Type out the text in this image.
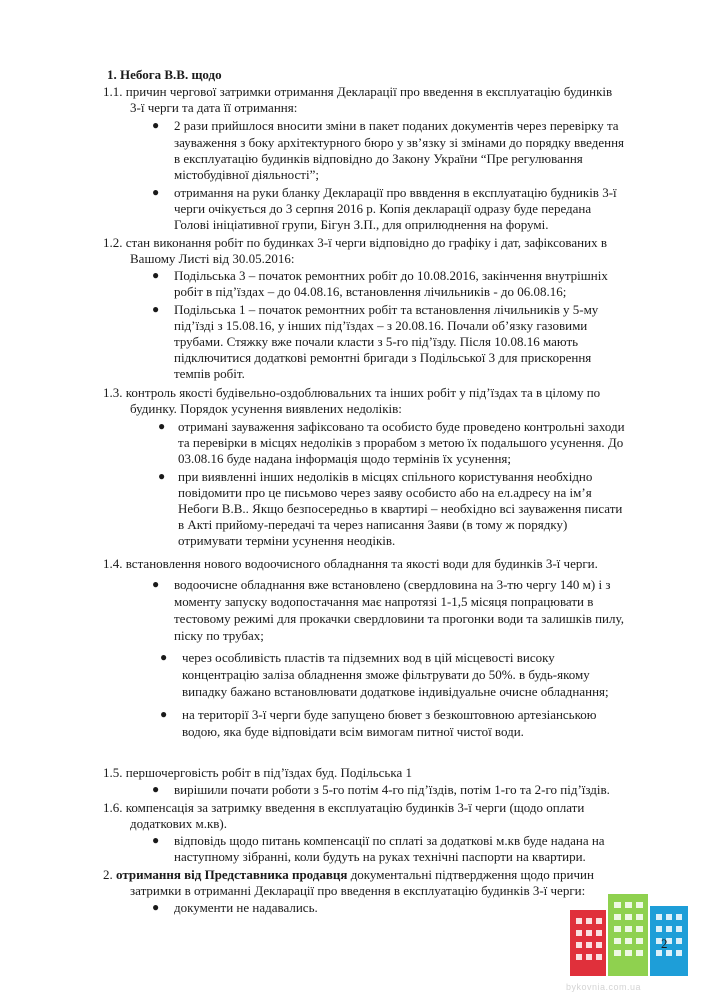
1. Небога В.В. щодо
1.1. причин чергової затримки отримання Декларації про введення в експлуатацію будинків
3-ї черги та дата її отримання:
● 2 рази прийшлося вносити зміни в пакет поданих документів через перевірку та
зауваження з боку архітектурного бюро у зв’язку зі змінами до порядку введення
в експлуатацію будинків відповідно до Закону України “Пре регулювання
містобудівної діяльності”;
● отримання на руки бланку Декларації про вввдення в експлуатацію будників 3-ї
черги очікується до 3 серпня 2016 р. Копія декларації одразу буде передана
Голові ініціативної групи, Бігун З.П., для оприлюднення на форумі.
1.2. стан виконання робіт по будинках 3-ї черги відповідно до графіку і дат, зафіксованих в
Вашому Листі від 30.05.2016:
● Подільська 3 – початок ремонтних робіт до 10.08.2016, закінчення внутрішніх
робіт в під’їздах – до 04.08.16, встановлення лічильників - до 06.08.16;
● Подільська 1 – початок ремонтних робіт та встановлення лічильників у 5-му
під’їзді з 15.08.16, у інших під’їздах – з 20.08.16. Почали об’язку газовими
трубами. Стяжку вже почали класти з 5-го під’їзду. Після 10.08.16 мають
підключитися додаткові ремонтні бригади з Подільської 3 для прискорення
темпів робіт.
1.3. контроль якості будівельно-оздоблювальних та інших робіт у під’їздах та в цілому по
будинку. Порядок усунення виявлених недоліків:
● отримані зауваження зафіксовано та особисто буде проведено контрольні заходи
та перевірки в місцях недоліків з прорабом з метою їх подальшого усунення. До
03.08.16 буде надана інформація щодо термінів їх усунення;
● при виявленні інших недоліків в місцях спільного користування необхідно
повідомити про це письмово через заяву особисто або на ел.адресу на ім’я
Небоги В.В.. Якщо безпосередньо в квартирі – необхідно всі зауваження писати
в Акті прийому-передачі та через написання Заяви (в тому ж порядку)
отримувати терміни усунення неодіків.
1.4. встановлення нового водоочисного обладнання та якості води для будинків 3-ї черги.
● водоочисне обладнання вже встановлено (свердловина на 3-тю чергу 140 м) і з
моменту запуску водопостачання має напротязі 1-1,5 місяця попрацювати в
тестовому режимі для прокачки свердловини та прогонки води та залишків пилу,
піску по трубах;
● через особливість пластів та підземних вод в цій місцевості високу
концентрацію заліза обладнення зможе фільтрувати до 50%. в будь-якому
випадку бажано встановлювати додаткове індивідуальне очисне обладнання;
● на території 3-ї черги буде запущено бювет з безкоштовною артезіанською
водою, яка буде відповідати всім вимогам питної чистої води.
1.5. першочерговість робіт в під’їздах буд. Подільська 1
● вирішили почати роботи з 5-го потім 4-го під’їздів, потім 1-го та 2-го під’їздів.
1.6. компенсація за затримку введення в експлуатацію будинків 3-ї черги (щодо оплати
додаткових м.кв).
● відповідь щодо питань компенсації по сплаті за додаткові м.кв буде надана на
наступному зібранні, коли будуть на руках технічні паспорти на квартири.
2. отримання від Представника продавця документальні підтвердження щодо причин
затримки в отриманні Декларації про введення в експлуатацію будинків 3-ї черги:
● документи не надавались.
2
bykovnia.com.ua
